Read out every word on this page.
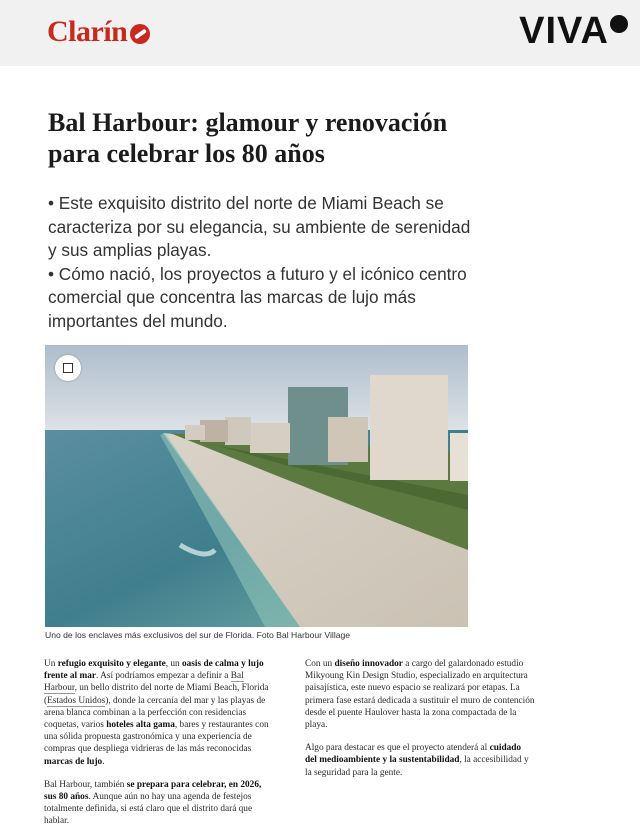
Clarín	VIVA
Bal Harbour: glamour y renovación para celebrar los 80 años

• Este exquisito distrito del norte de Miami Beach se caracteriza por su elegancia, su ambiente de serenidad y sus amplias playas.

• Cómo nació, los proyectos a futuro y el icónico centro comercial que concentra las marcas de lujo más importantes del mundo.

Uno de los enclaves más exclusivos del sur de Florida. Foto Bal Harbour Village

Un refugio exquisito y elegante, un oasis de calma y lujo frente al mar. Así podríamos empezar a definir a Bal Harbour, un bello distrito del norte de Miami Beach, Florida (Estados Unidos), donde la cercanía del mar y las playas de arena blanca combinan a la perfección con residencias coquetas, varios hoteles alta gama, bares y restaurantes con una sólida propuesta gastronómica y una experiencia de compras que despliega vidrieras de las más reconocidas marcas de lujo.

Bal Harbour, también se prepara para celebrar, en 2026, sus 80 años. Aunque aún no hay una agenda de festejos totalmente definida, si está claro que el distrito dará que hablar.

Con un diseño innovador a cargo del galardonado estudio Mikyoung Kin Design Studio, especializado en arquitectura paisajística, este nuevo espacio se realizará por etapas. La primera fase estará dedicada a sustituir el muro de contención desde el puente Haulover hasta la zona compactada de la playa.

Algo para destacar es que el proyecto atenderá al cuidado del medioambiente y la sustentabilidad, la accesibilidad y la seguridad para la gente.
